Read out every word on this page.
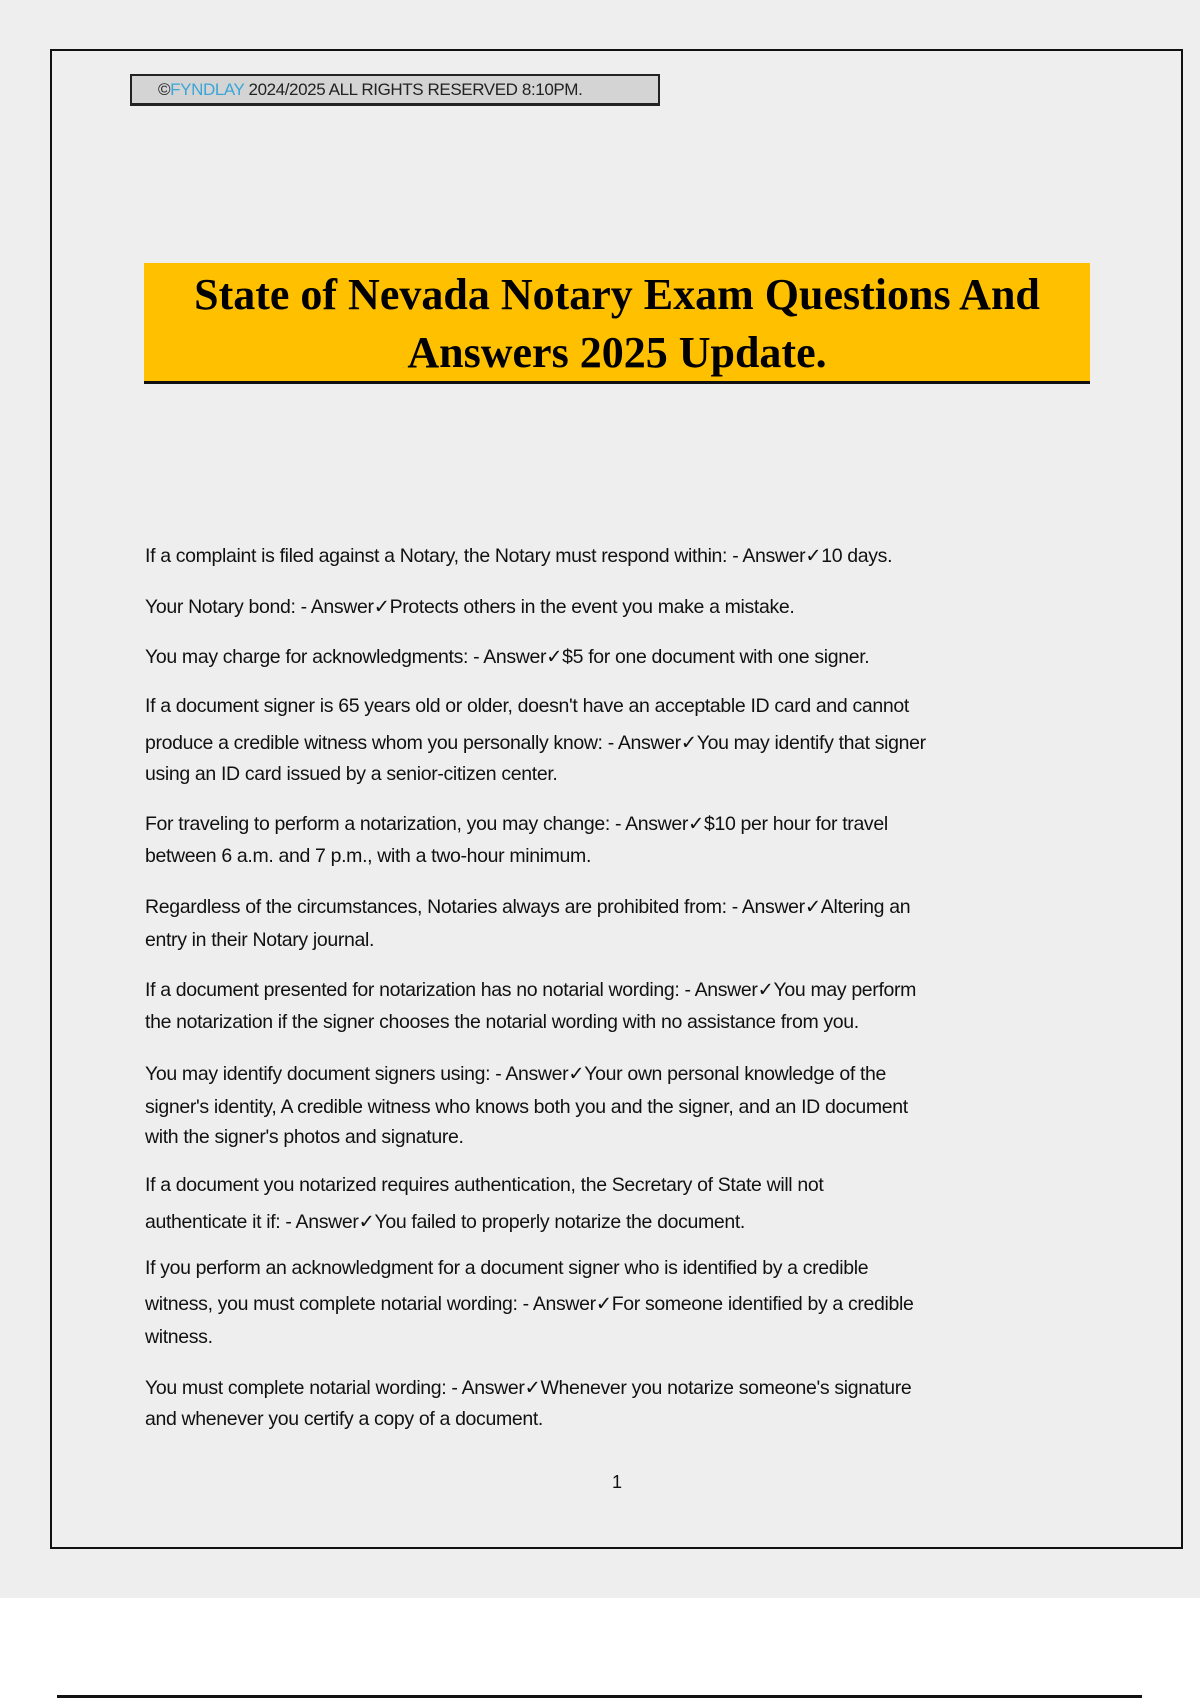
©FYNDLAY 2024/2025 ALL RIGHTS RESERVED 8:10PM.
State of Nevada Notary Exam Questions And
Answers 2025 Update.
If a complaint is filed against a Notary, the Notary must respond within: - Answer✓10 days.
Your Notary bond: - Answer✓Protects others in the event you make a mistake.
You may charge for acknowledgments: - Answer✓$5 for one document with one signer.
If a document signer is 65 years old or older, doesn't have an acceptable ID card and cannot
produce a credible witness whom you personally know: - Answer✓You may identify that signer
using an ID card issued by a senior-citizen center.
For traveling to perform a notarization, you may change: - Answer✓$10 per hour for travel
between 6 a.m. and 7 p.m., with a two-hour minimum.
Regardless of the circumstances, Notaries always are prohibited from: - Answer✓Altering an
entry in their Notary journal.
If a document presented for notarization has no notarial wording: - Answer✓You may perform
the notarization if the signer chooses the notarial wording with no assistance from you.
You may identify document signers using: - Answer✓Your own personal knowledge of the
signer's identity, A credible witness who knows both you and the signer, and an ID document
with the signer's photos and signature.
If a document you notarized requires authentication, the Secretary of State will not
authenticate it if: - Answer✓You failed to properly notarize the document.
If you perform an acknowledgment for a document signer who is identified by a credible
witness, you must complete notarial wording: - Answer✓For someone identified by a credible
witness.
You must complete notarial wording: - Answer✓Whenever you notarize someone's signature
and whenever you certify a copy of a document.
1
